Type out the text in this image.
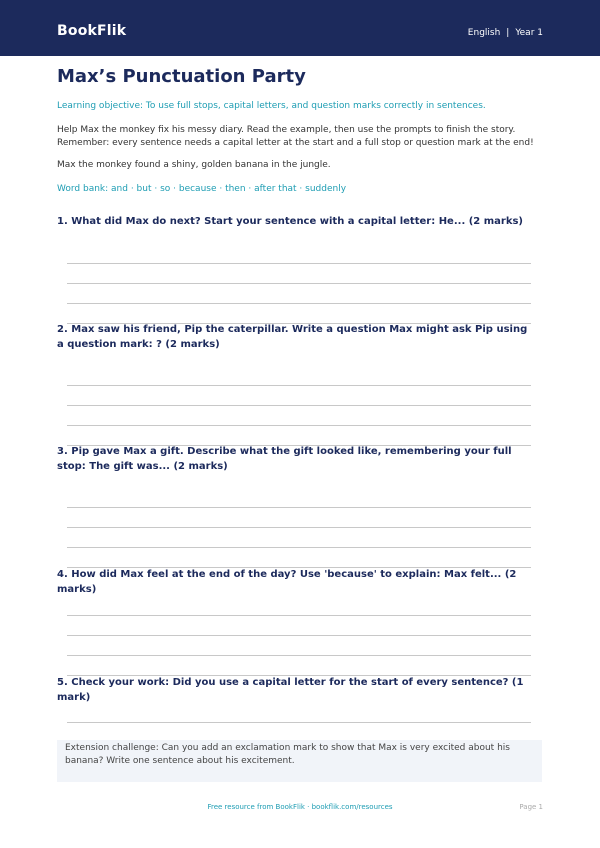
BookFlik	English | Year 1
Max’s Punctuation Party
Learning objective: To use full stops, capital letters, and question marks correctly in sentences.

Help Max the monkey fix his messy diary. Read the example, then use the prompts to finish the story.

Remember: every sentence needs a capital letter at the start and a full stop or question mark at the end!

Max the monkey found a shiny, golden banana in the jungle.
Word bank: and · but · so · because · then · after that · suddenly
1. What did Max do next? Start your sentence with a capital letter: He... (2 marks)
2. Max saw his friend, Pip the caterpillar. Write a question Max might ask Pip using a question mark: ? (2 marks)
3. Pip gave Max a gift. Describe what the gift looked like, remembering your full stop: The gift was... (2 marks)
4. How did Max feel at the end of the day? Use 'because' to explain: Max felt... (2 marks)
5. Check your work: Did you use a capital letter for the start of every sentence? (1 mark)
Extension challenge: Can you add an exclamation mark to show that Max is very excited about his banana? Write one sentence about his excitement.
Free resource from BookFlik · bookflik.com/resources	Page 1
